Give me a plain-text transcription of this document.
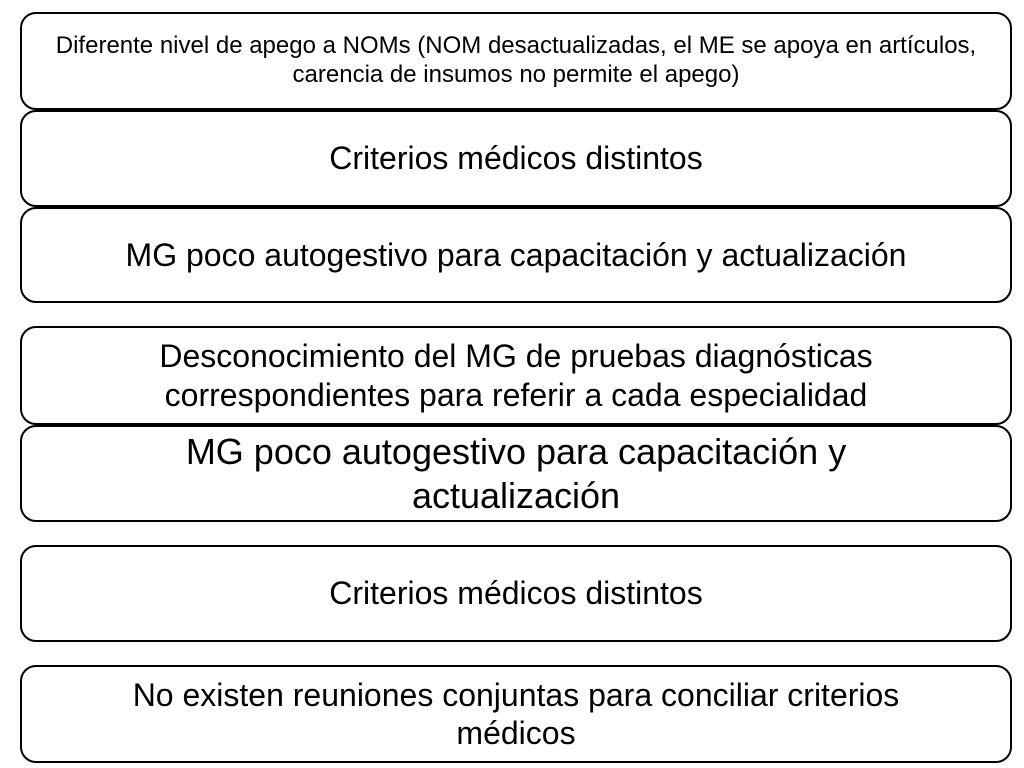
Diferente nivel de apego a NOMs (NOM desactualizadas, el ME se apoya en artículos, carencia de insumos no permite el apego)
Criterios médicos distintos
MG poco autogestivo para capacitación y actualización
Desconocimiento del MG de pruebas diagnósticas correspondientes para referir a cada especialidad
MG poco autogestivo para capacitación y actualización
Criterios médicos distintos
No existen reuniones conjuntas para conciliar criterios médicos
